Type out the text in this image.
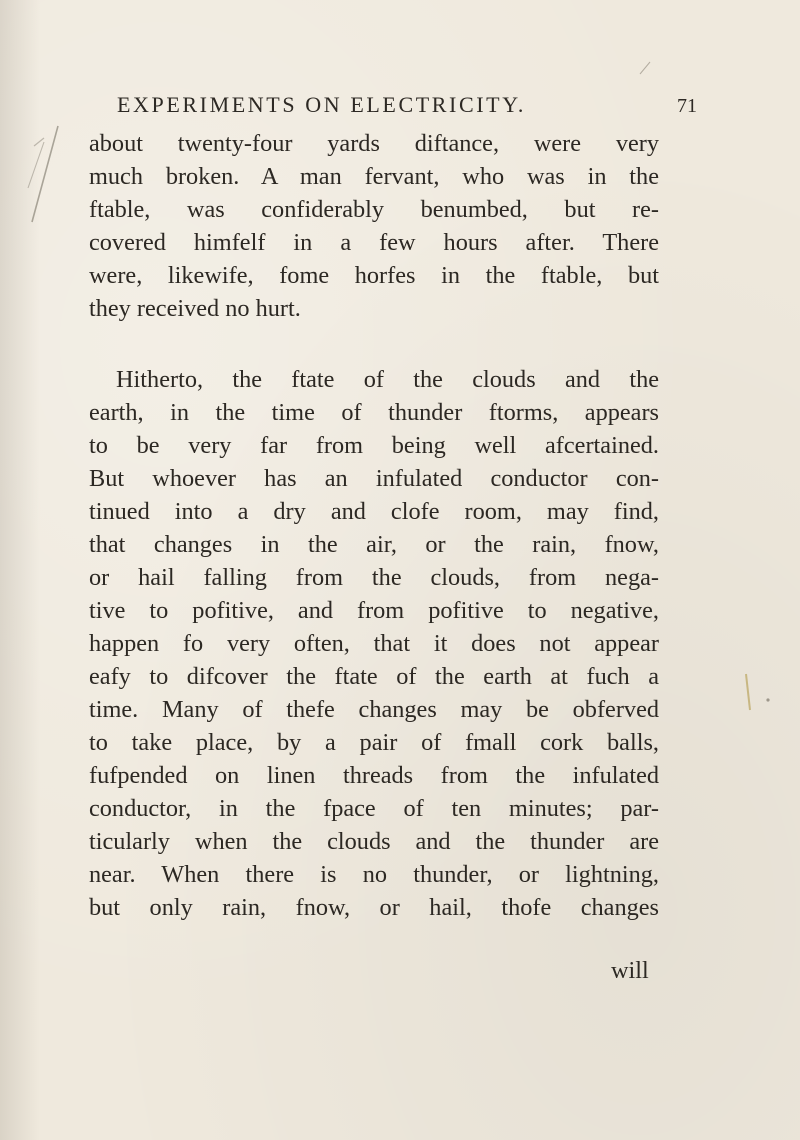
EXPERIMENTS ON ELECTRICITY.	71
about twenty-four yards diftance, were very
much broken. A man fervant, who was in the
ftable, was confiderably benumbed, but re-
covered himfelf in a few hours after. There
were, likewife, fome horfes in the ftable, but
they received no hurt.
Hitherto, the ftate of the clouds and the
earth, in the time of thunder ftorms, appears
to be very far from being well afcertained.
But whoever has an infulated conductor con-
tinued into a dry and clofe room, may find,
that changes in the air, or the rain, fnow,
or hail falling from the clouds, from nega-
tive to pofitive, and from pofitive to negative,
happen fo very often, that it does not appear
eafy to difcover the ftate of the earth at fuch a
time. Many of thefe changes may be obferved
to take place, by a pair of fmall cork balls,
fufpended on linen threads from the infulated
conductor, in the fpace of ten minutes; par-
ticularly when the clouds and the thunder are
near. When there is no thunder, or lightning,
but only rain, fnow, or hail, thofe changes
will
